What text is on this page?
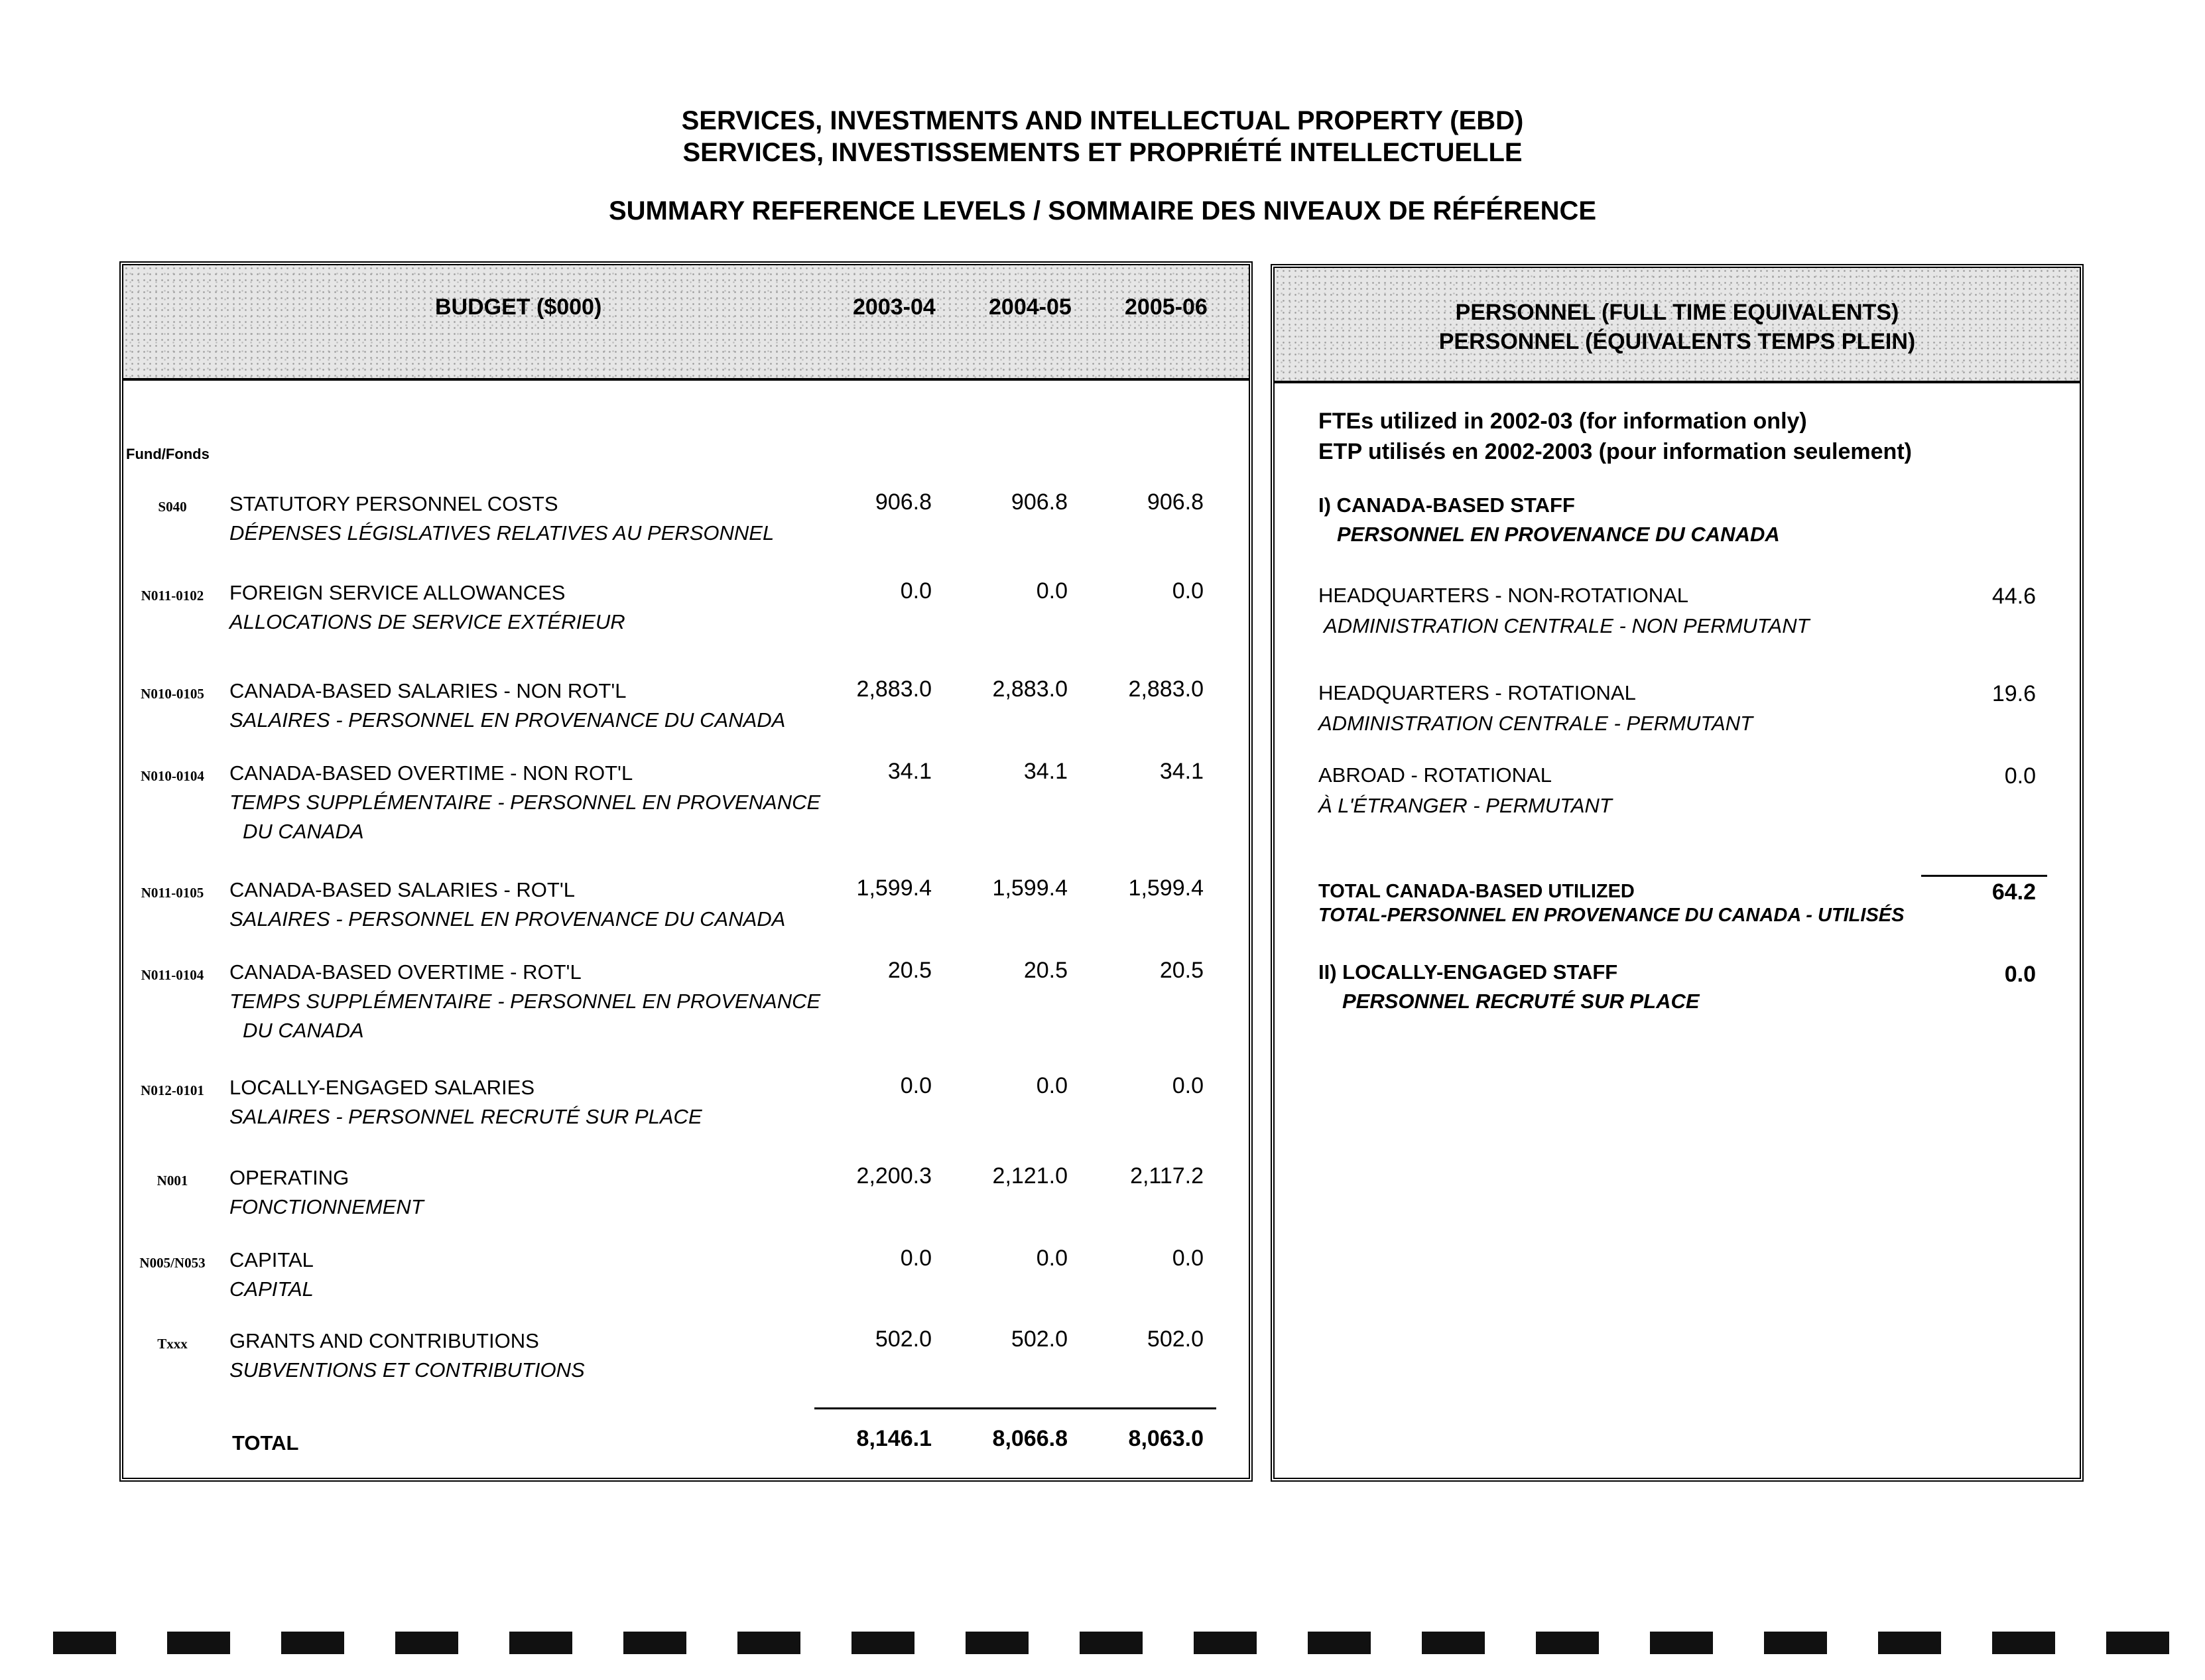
SERVICES, INVESTMENTS AND INTELLECTUAL PROPERTY (EBD)
SERVICES, INVESTISSEMENTS ET PROPRIÉTÉ INTELLECTUELLE
SUMMARY REFERENCE LEVELS / SOMMAIRE DES NIVEAUX DE RÉFÉRENCE
BUDGET ($000)	2003-04 2004-05 2005-06
Fund/Fonds
S040	STATUTORY PERSONNEL COSTS
DÉPENSES LÉGISLATIVES RELATIVES AU PERSONNEL
906.8	906.8	906.8
N011-0102	FOREIGN SERVICE ALLOWANCES
ALLOCATIONS DE SERVICE EXTÉRIEUR
0.0	0.0	0.0
N010-0105	CANADA-BASED SALARIES - NON ROT'L
SALAIRES - PERSONNEL EN PROVENANCE DU CANADA
2,883.0	2,883.0	2,883.0
N010-0104	CANADA-BASED OVERTIME - NON ROT'L
TEMPS SUPPLÉMENTAIRE - PERSONNEL EN PROVENANCE
DU CANADA
34.1	34.1	34.1
N011-0105	CANADA-BASED SALARIES - ROT'L
SALAIRES - PERSONNEL EN PROVENANCE DU CANADA
1,599.4	1,599.4	1,599.4
N011-0104	CANADA-BASED OVERTIME - ROT'L
TEMPS SUPPLÉMENTAIRE - PERSONNEL EN PROVENANCE
DU CANADA
20.5	20.5	20.5
N012-0101	LOCALLY-ENGAGED SALARIES
SALAIRES - PERSONNEL RECRUTÉ SUR PLACE
0.0	0.0	0.0
N001	OPERATING
FONCTIONNEMENT
2,200.3	2,121.0	2,117.2
N005/N053	CAPITAL
CAPITAL
0.0	0.0	0.0
Txxx	GRANTS AND CONTRIBUTIONS
SUBVENTIONS ET CONTRIBUTIONS
502.0	502.0	502.0
TOTAL	8,146.1	8,066.8	8,063.0
PERSONNEL (FULL TIME EQUIVALENTS)
PERSONNEL (ÉQUIVALENTS TEMPS PLEIN)
FTEs utilized in 2002-03 (for information only)
ETP utilisés en 2002-2003 (pour information seulement)
I) CANADA-BASED STAFF
PERSONNEL EN PROVENANCE DU CANADA
HEADQUARTERS - NON-ROTATIONAL
ADMINISTRATION CENTRALE - NON PERMUTANT
44.6
HEADQUARTERS - ROTATIONAL
ADMINISTRATION CENTRALE - PERMUTANT
19.6
ABROAD - ROTATIONAL
À L'ÉTRANGER - PERMUTANT
0.0
TOTAL CANADA-BASED UTILIZED
TOTAL-PERSONNEL EN PROVENANCE DU CANADA - UTILISÉS
64.2
II) LOCALLY-ENGAGED STAFF
PERSONNEL RECRUTÉ SUR PLACE
0.0
